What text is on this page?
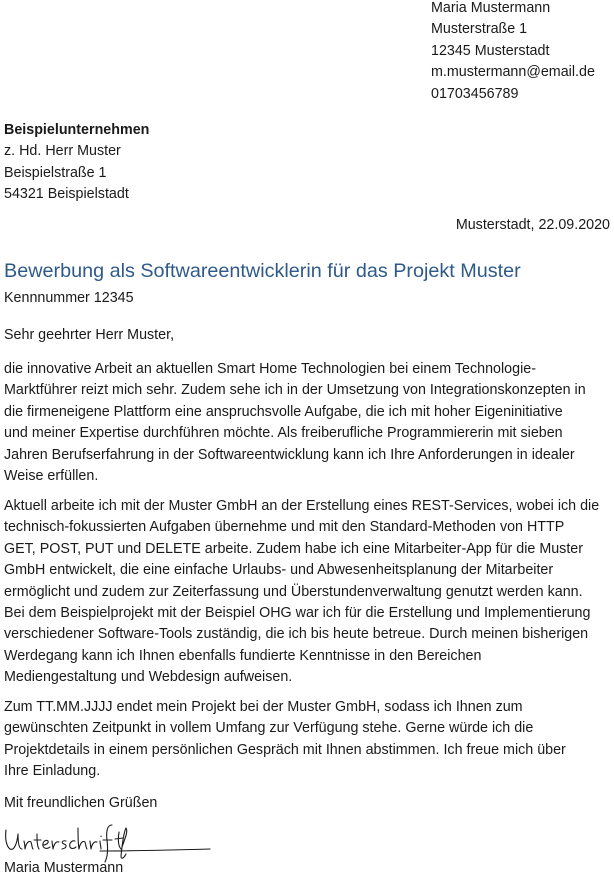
Maria Mustermann
Musterstraße 1
12345 Musterstadt
m.mustermann@email.de
01703456789
Beispielunternehmen
z. Hd. Herr Muster
Beispielstraße 1
54321 Beispielstadt
Musterstadt, 22.09.2020
Bewerbung als Softwareentwicklerin für das Projekt Muster
Kennnummer 12345
Sehr geehrter Herr Muster,
die innovative Arbeit an aktuellen Smart Home Technologien bei einem Technologie-
Marktführer reizt mich sehr. Zudem sehe ich in der Umsetzung von Integrationskonzepten in
die firmeneigene Plattform eine anspruchsvolle Aufgabe, die ich mit hoher Eigeninitiative
und meiner Expertise durchführen möchte. Als freiberufliche Programmiererin mit sieben
Jahren Berufserfahrung in der Softwareentwicklung kann ich Ihre Anforderungen in idealer
Weise erfüllen.
Aktuell arbeite ich mit der Muster GmbH an der Erstellung eines REST-Services, wobei ich die
technisch-fokussierten Aufgaben übernehme und mit den Standard-Methoden von HTTP
GET, POST, PUT und DELETE arbeite. Zudem habe ich eine Mitarbeiter-App für die Muster
GmbH entwickelt, die eine einfache Urlaubs- und Abwesenheitsplanung der Mitarbeiter
ermöglicht und zudem zur Zeiterfassung und Überstundenverwaltung genutzt werden kann.
Bei dem Beispielprojekt mit der Beispiel OHG war ich für die Erstellung und Implementierung
verschiedener Software-Tools zuständig, die ich bis heute betreue. Durch meinen bisherigen
Werdegang kann ich Ihnen ebenfalls fundierte Kenntnisse in den Bereichen
Mediengestaltung und Webdesign aufweisen.
Zum TT.MM.JJJJ endet mein Projekt bei der Muster GmbH, sodass ich Ihnen zum
gewünschten Zeitpunkt in vollem Umfang zur Verfügung stehe. Gerne würde ich die
Projektdetails in einem persönlichen Gespräch mit Ihnen abstimmen. Ich freue mich über
Ihre Einladung.
Mit freundlichen Grüßen
Maria Mustermann
